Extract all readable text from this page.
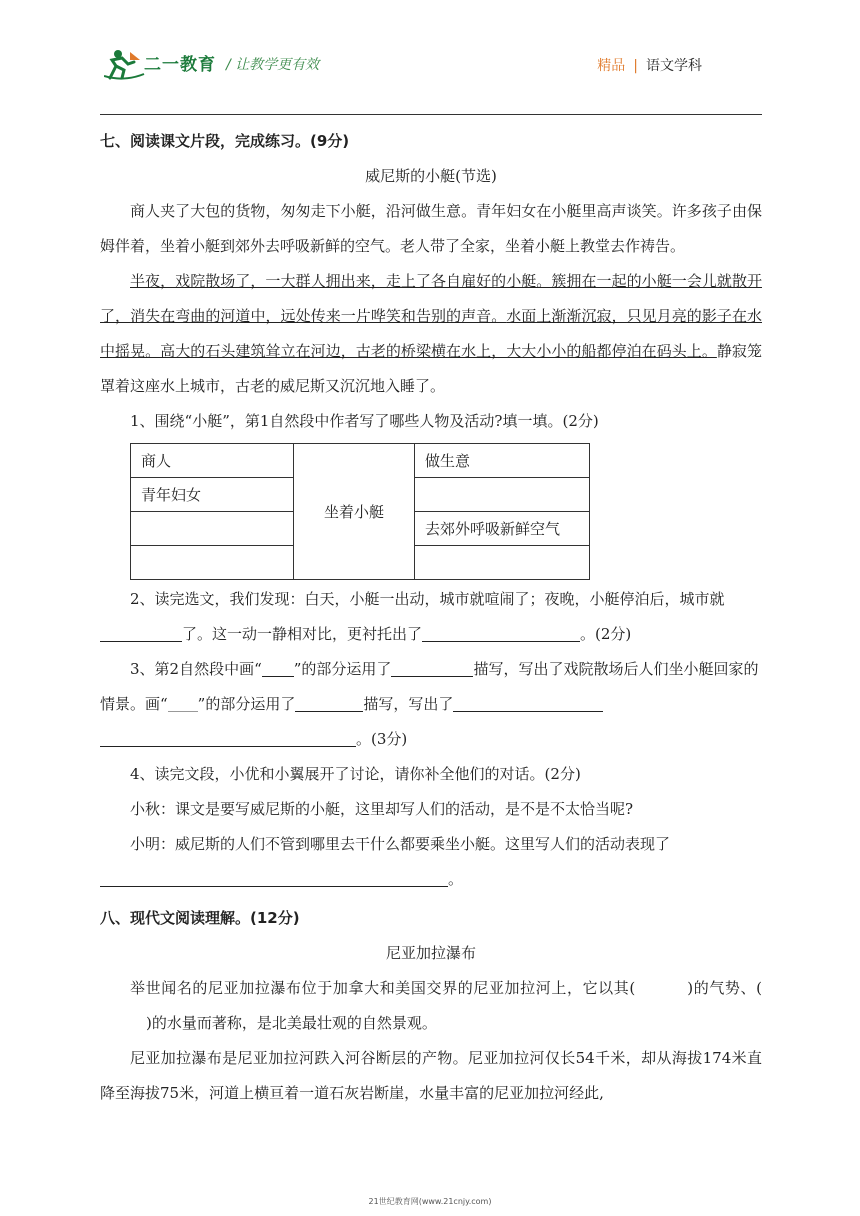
二一教育 / 让教学更有效	精品 | 语文学科

七、阅读课文片段，完成练习。(9分)

威尼斯的小艇(节选)

商人夹了大包的货物，匆匆走下小艇，沿河做生意。青年妇女在小艇里高声谈笑。许多孩子由保姆伴着，坐着小艇到郊外去呼吸新鲜的空气。老人带了全家，坐着小艇上教堂去作祷告。

半夜，戏院散场了，一大群人拥出来，走上了各自雇好的小艇。簇拥在一起的小艇一会儿就散开了，消失在弯曲的河道中，远处传来一片哗笑和告别的声音。水面上渐渐沉寂，只见月亮的影子在水中摇晃。高大的石头建筑耸立在河边，古老的桥梁横在水上，大大小小的船都停泊在码头上。静寂笼罩着这座水上城市，古老的威尼斯又沉沉地入睡了。

1、围绕“小艇”，第1自然段中作者写了哪些人物及活动?填一填。(2分)

商人	坐着小艇	做生意
青年妇女		
		去郊外呼吸新鲜空气

2、读完选文，我们发现：白天，小艇一出动，城市就喧闹了；夜晚，小艇停泊后，城市就了。这一动一静相对比，更衬托出了	。(2分)

3、第2自然段中画“ ”的部分运用了	描写，写出了戏院散场后人们坐小艇回家的情景。画“ ”的部分运用了	描写，写出了。(3分)

4、读完文段，小优和小翼展开了讨论，请你补全他们的对话。(2分)

小秋：课文是要写威尼斯的小艇，这里却写人们的活动，是不是不太恰当呢?

小明：威尼斯的人们不管到哪里去干什么都要乘坐小艇。这里写人们的活动表现了

。

八、现代文阅读理解。(12分)

尼亚加拉瀑布

举世闻名的尼亚加拉瀑布位于加拿大和美国交界的尼亚加拉河上，它以其(	)的气势、()的水量而著称，是北美最壮观的自然景观。

尼亚加拉瀑布是尼亚加拉河跌入河谷断层的产物。尼亚加拉河仅长54千米，却从海拔174米直降至海拔75米，河道上横亘着一道石灰岩断崖，水量丰富的尼亚加拉河经此,

21世纪教育网(www.21cnjy.com)
